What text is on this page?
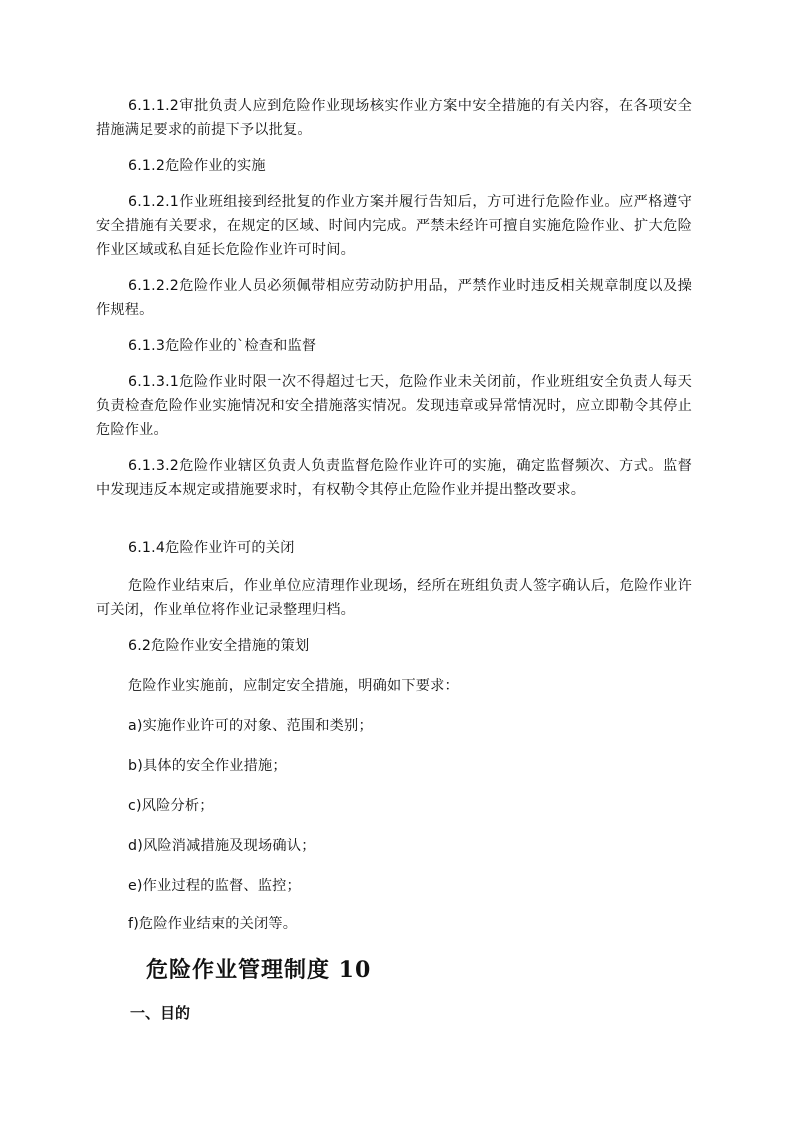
6.1.1.2审批负责人应到危险作业现场核实作业方案中安全措施的有关内容，在各项安全措施满足要求的前提下予以批复。

6.1.2危险作业的实施

6.1.2.1作业班组接到经批复的作业方案并履行告知后，方可进行危险作业。应严格遵守安全措施有关要求，在规定的区域、时间内完成。严禁未经许可擅自实施危险作业、扩大危险作业区域或私自延长危险作业许可时间。

6.1.2.2危险作业人员必须佩带相应劳动防护用品，严禁作业时违反相关规章制度以及操作规程。

6.1.3危险作业的`检查和监督

6.1.3.1危险作业时限一次不得超过七天，危险作业未关闭前，作业班组安全负责人每天负责检查危险作业实施情况和安全措施落实情况。发现违章或异常情况时，应立即勒令其停止危险作业。

6.1.3.2危险作业辖区负责人负责监督危险作业许可的实施，确定监督频次、方式。监督中发现违反本规定或措施要求时，有权勒令其停止危险作业并提出整改要求。

6.1.4危险作业许可的关闭

危险作业结束后，作业单位应清理作业现场，经所在班组负责人签字确认后，危险作业许可关闭，作业单位将作业记录整理归档。

6.2危险作业安全措施的策划

危险作业实施前，应制定安全措施，明确如下要求：

a)实施作业许可的对象、范围和类别；

b)具体的安全作业措施；

c)风险分析；

d)风险消减措施及现场确认；

e)作业过程的监督、监控；

f)危险作业结束的关闭等。

危险作业管理制度 10
一、目的
